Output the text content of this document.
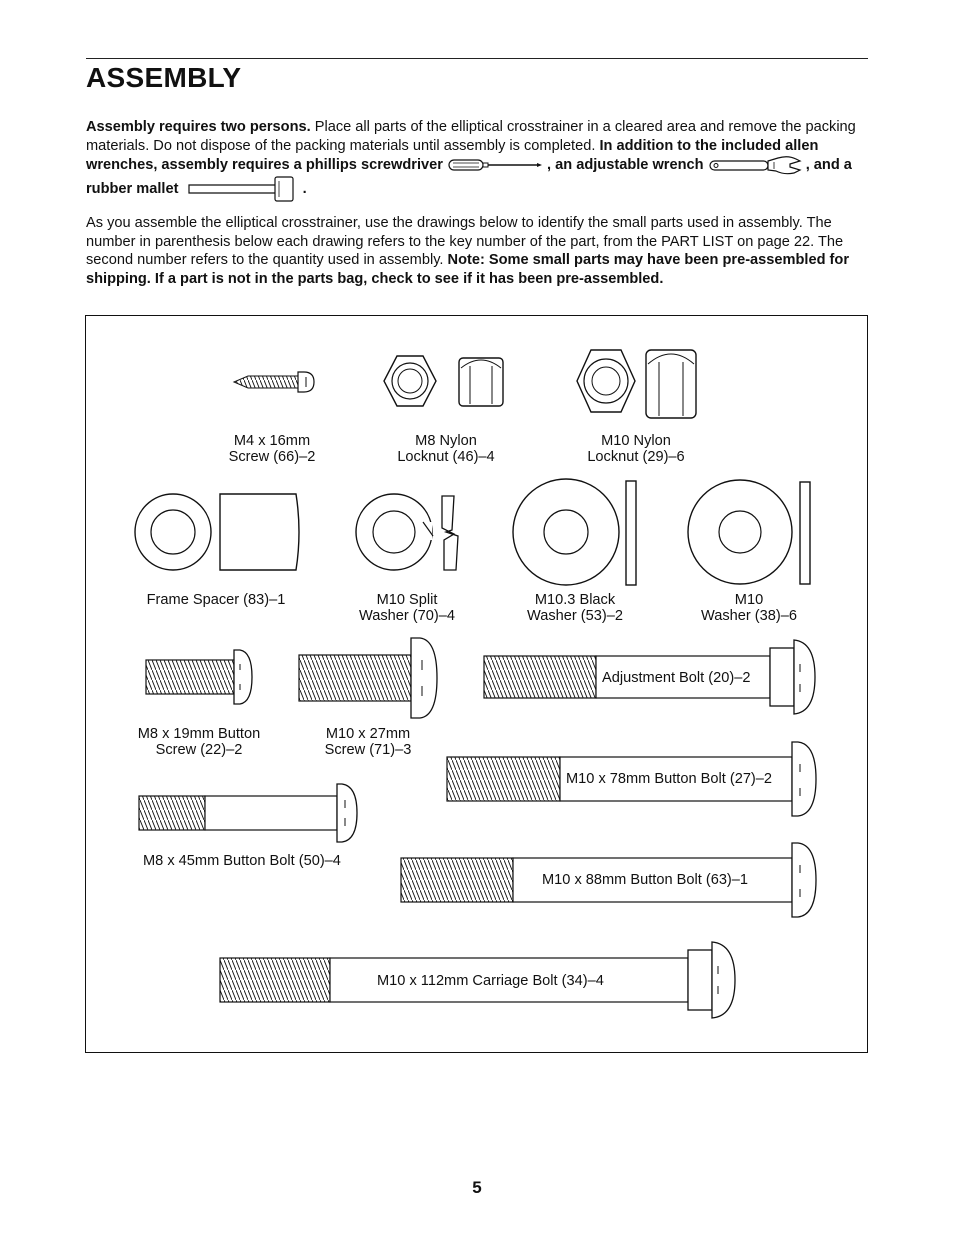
ASSEMBLY
Assembly requires two persons. Place all parts of the elliptical crosstrainer in a cleared area and remove the packing materials. Do not dispose of the packing materials until assembly is completed. In addition to the included allen wrenches, assembly requires a phillips screwdriver	, an adjustable wrench	, and a rubber mallet	.
As you assemble the elliptical crosstrainer, use the drawings below to identify the small parts used in assembly. The number in parenthesis below each drawing refers to the key number of the part, from the PART LIST on page 22. The second number refers to the quantity used in assembly. Note: Some small parts may have been pre-assembled for shipping. If a part is not in the parts bag, check to see if it has been pre-assembled.
M4 x 16mm
Screw (66)–2
M8 Nylon
Locknut (46)–4
M10 Nylon
Locknut (29)–6
Frame Spacer (83)–1	M10 Split
Washer (70)–4
M10.3 Black
Washer (53)–2
M10
Washer (38)–6
Adjustment Bolt (20)–2
M8 x 19mm Button
Screw (22)–2
M10 x 27mm
Screw (71)–3
M10 x 78mm Button Bolt (27)–2
M8 x 45mm Button Bolt (50)–4
M10 x 88mm Button Bolt (63)–1
M10 x 112mm Carriage Bolt (34)–4
5
